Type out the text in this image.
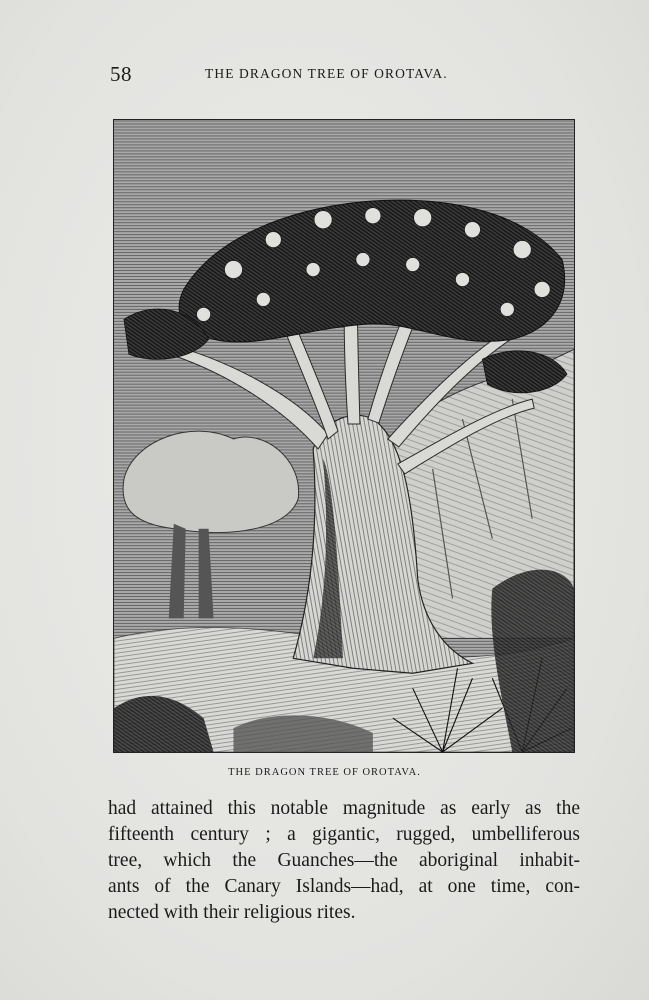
58	THE DRAGON TREE OF OROTAVA.
THE DRAGON TREE OF OROTAVA.
had attained this notable magnitude as early as the
fifteenth century ; a gigantic, rugged, umbelliferous
tree, which the Guanches—the aboriginal inhabit-
ants of the Canary Islands—had, at one time, con-
nected with their religious rites.
